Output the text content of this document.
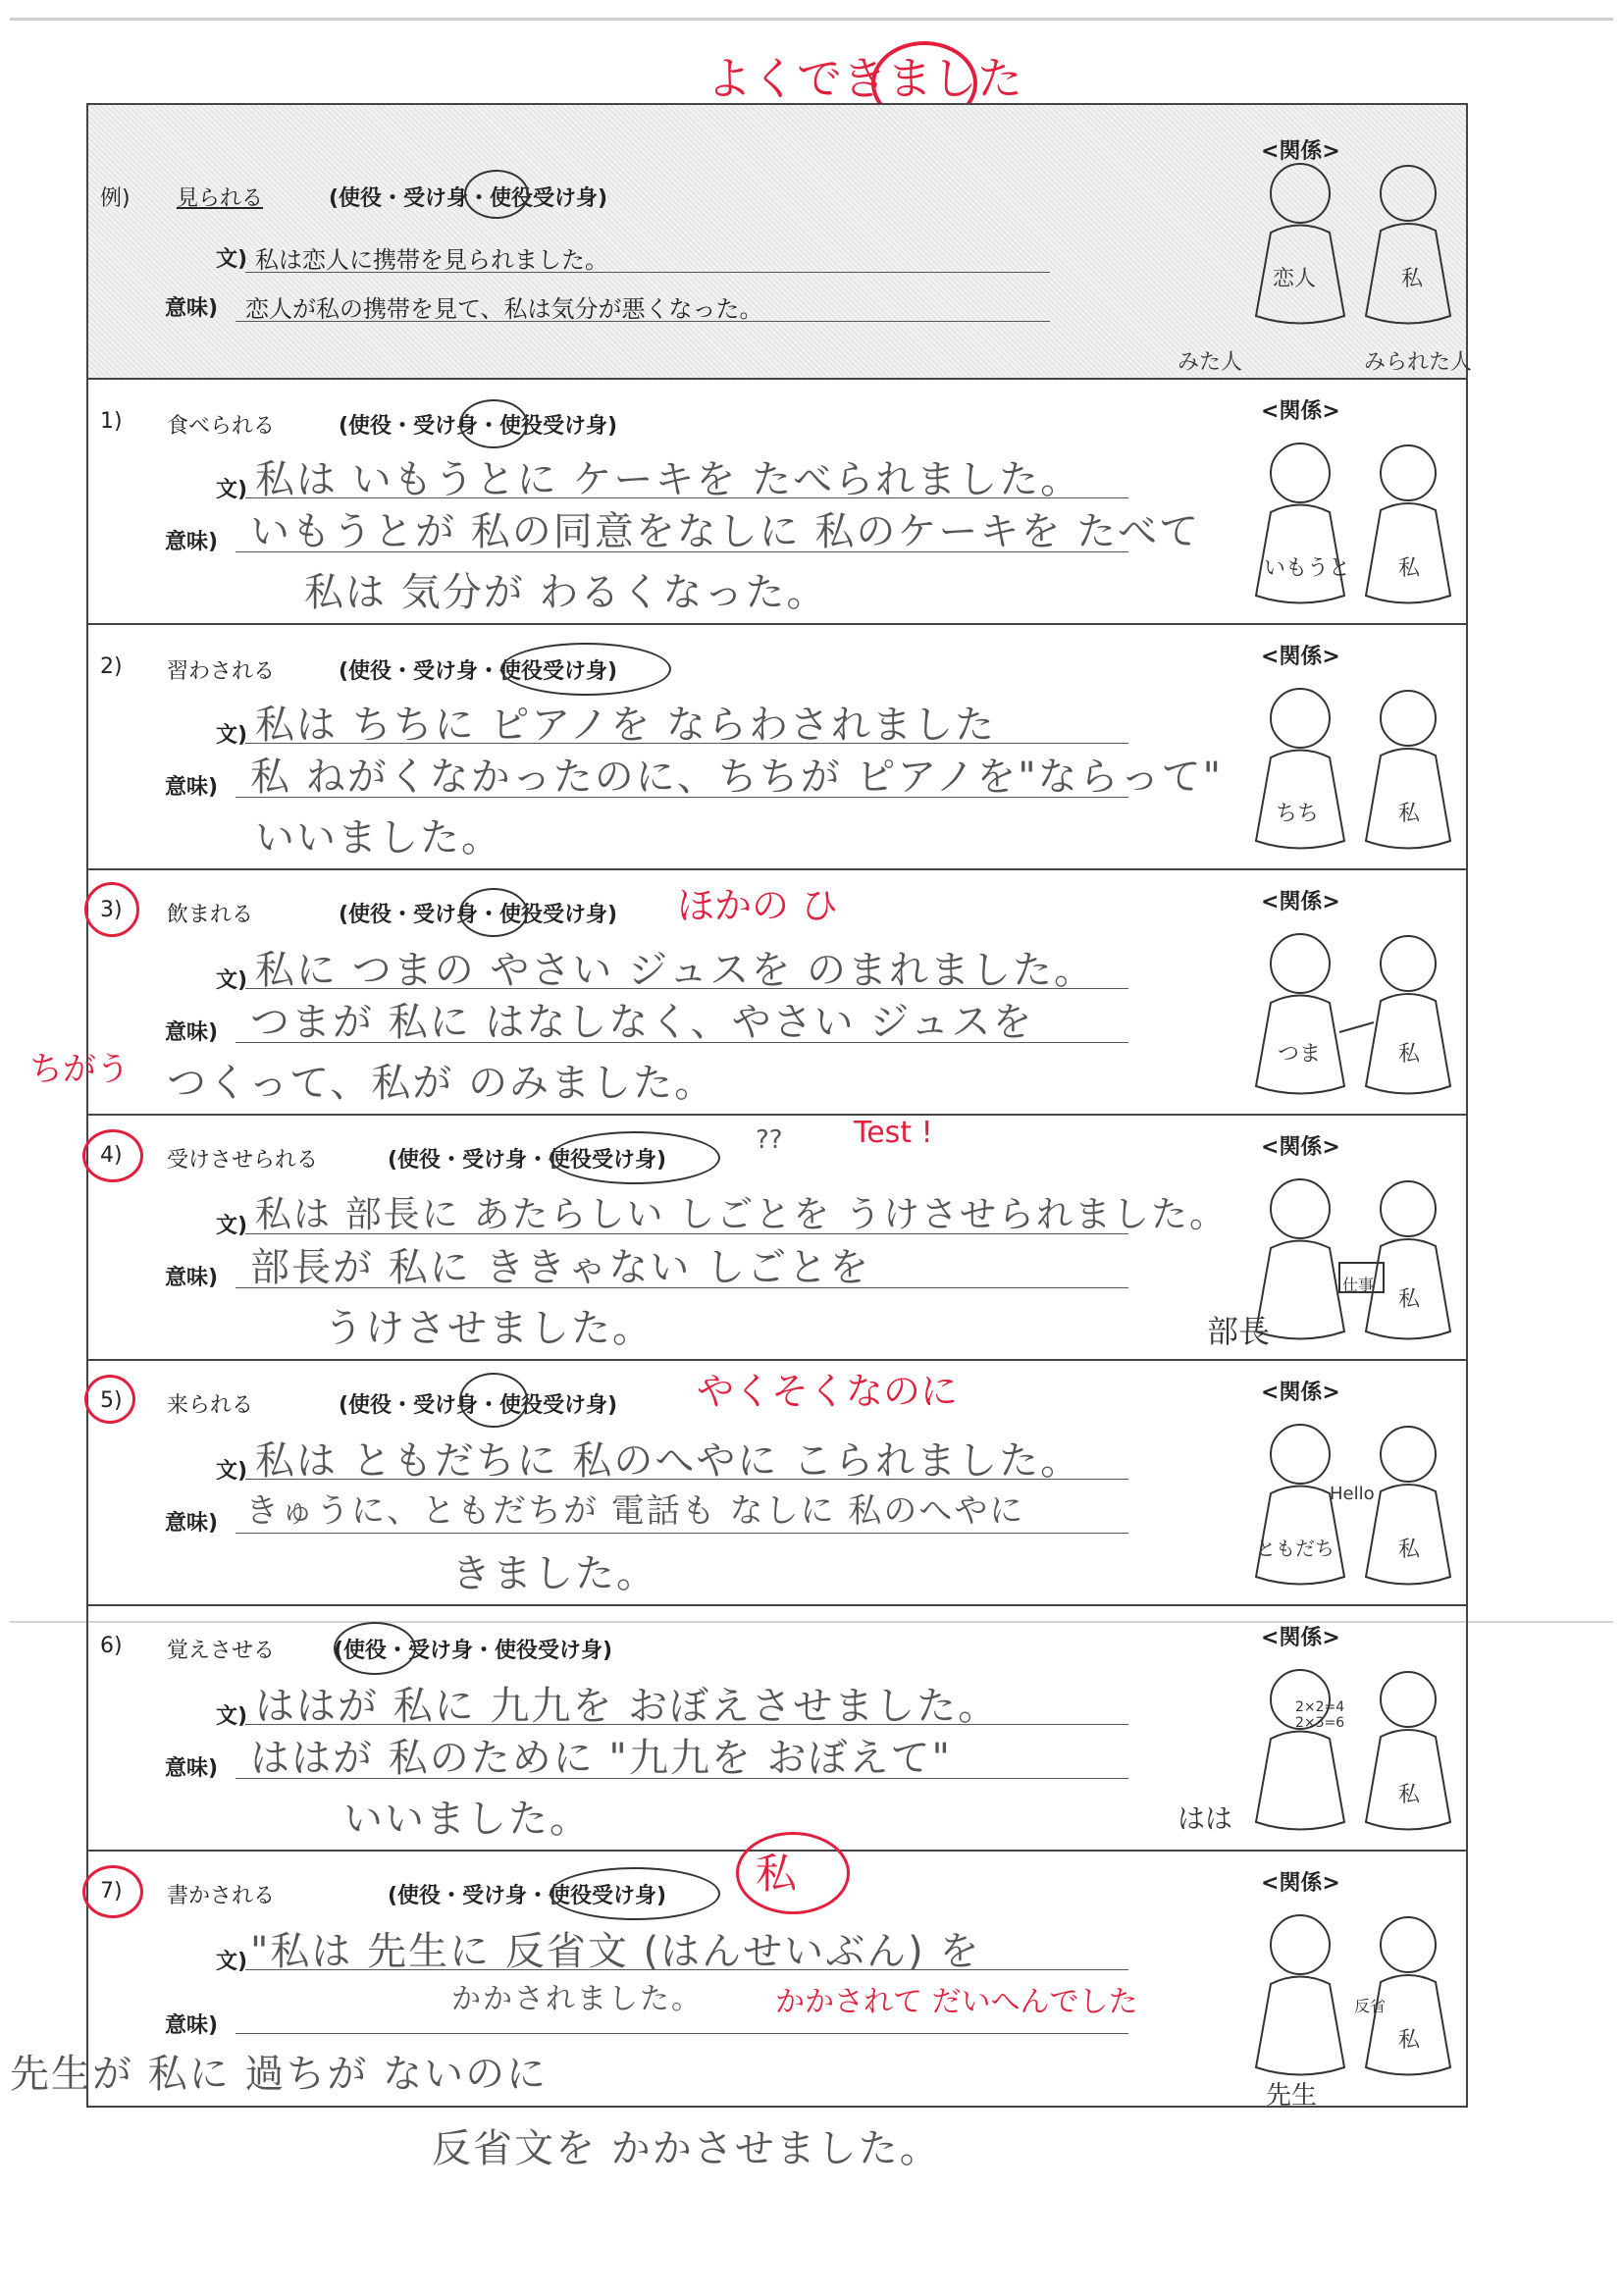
よくできました
例) 見られる	(使役・受け身・使役受け身)
文) 私は恋人に携帯を見られました。
意味) 恋人が私の携帯を見て、私は気分が悪くなった。
<関係>
恋人	私
みた人	みられた人
1) 食べられる	(使役・受け身・使役受け身)
文) 私は いもうとに ケーキを たべられました。
意味) いもうとが 私の同意をなしに 私のケーキを たべて
私は 気分が わるくなった。
<関係>
いもうと 私
2) 習わされる	(使役・受け身・使役受け身)
文) 私は ちちに ピアノを ならわされました
意味) 私 ねがくなかったのに、ちちが ピアノを"ならって"
いいました。
<関係>
ちち	私
3) 飲まれる	(使役・受け身・使役受け身) ほかの ひ
文) 私に つまの やさい ジュスを のまれました。
意味) つまが 私に はなしなく、やさい ジュスを
ちがう つくって、私が のみました。
<関係>
つま	私
4) 受けさせられる	(使役・受け身・使役受け身)
?? Test !
文) 私は 部長に あたらしい しごとを うけさせられました。
意味) 部長が 私に ききゃない しごとを
うけさせました。
<関係>
仕事
部長
私
5) 来られる	(使役・受け身・使役受け身) やくそくなのに
文) 私は ともだちに 私のへやに こられました。
意味) きゅうに、ともだちが 電話も なしに 私のへやに
きました。
<関係>
Hello
ともだち	私
6) 覚えさせる	(使役・受け身・使役受け身)
文) ははが 私に 九九を おぼえさせました。
意味) ははが 私のために "九九を おぼえて"
いいました。
<関係>
2×2=4 2×3=6
はは
私
7) 書かされる	(使役・受け身・使役受け身) 私
文) "私は 先生に 反省文 (はんせいぶん) を
かかされました。 かかされて だいへんでした
意味)
先生が 私に 過ちが ないのに
<関係>
反省
先生
私
反省文を かかさせました。
